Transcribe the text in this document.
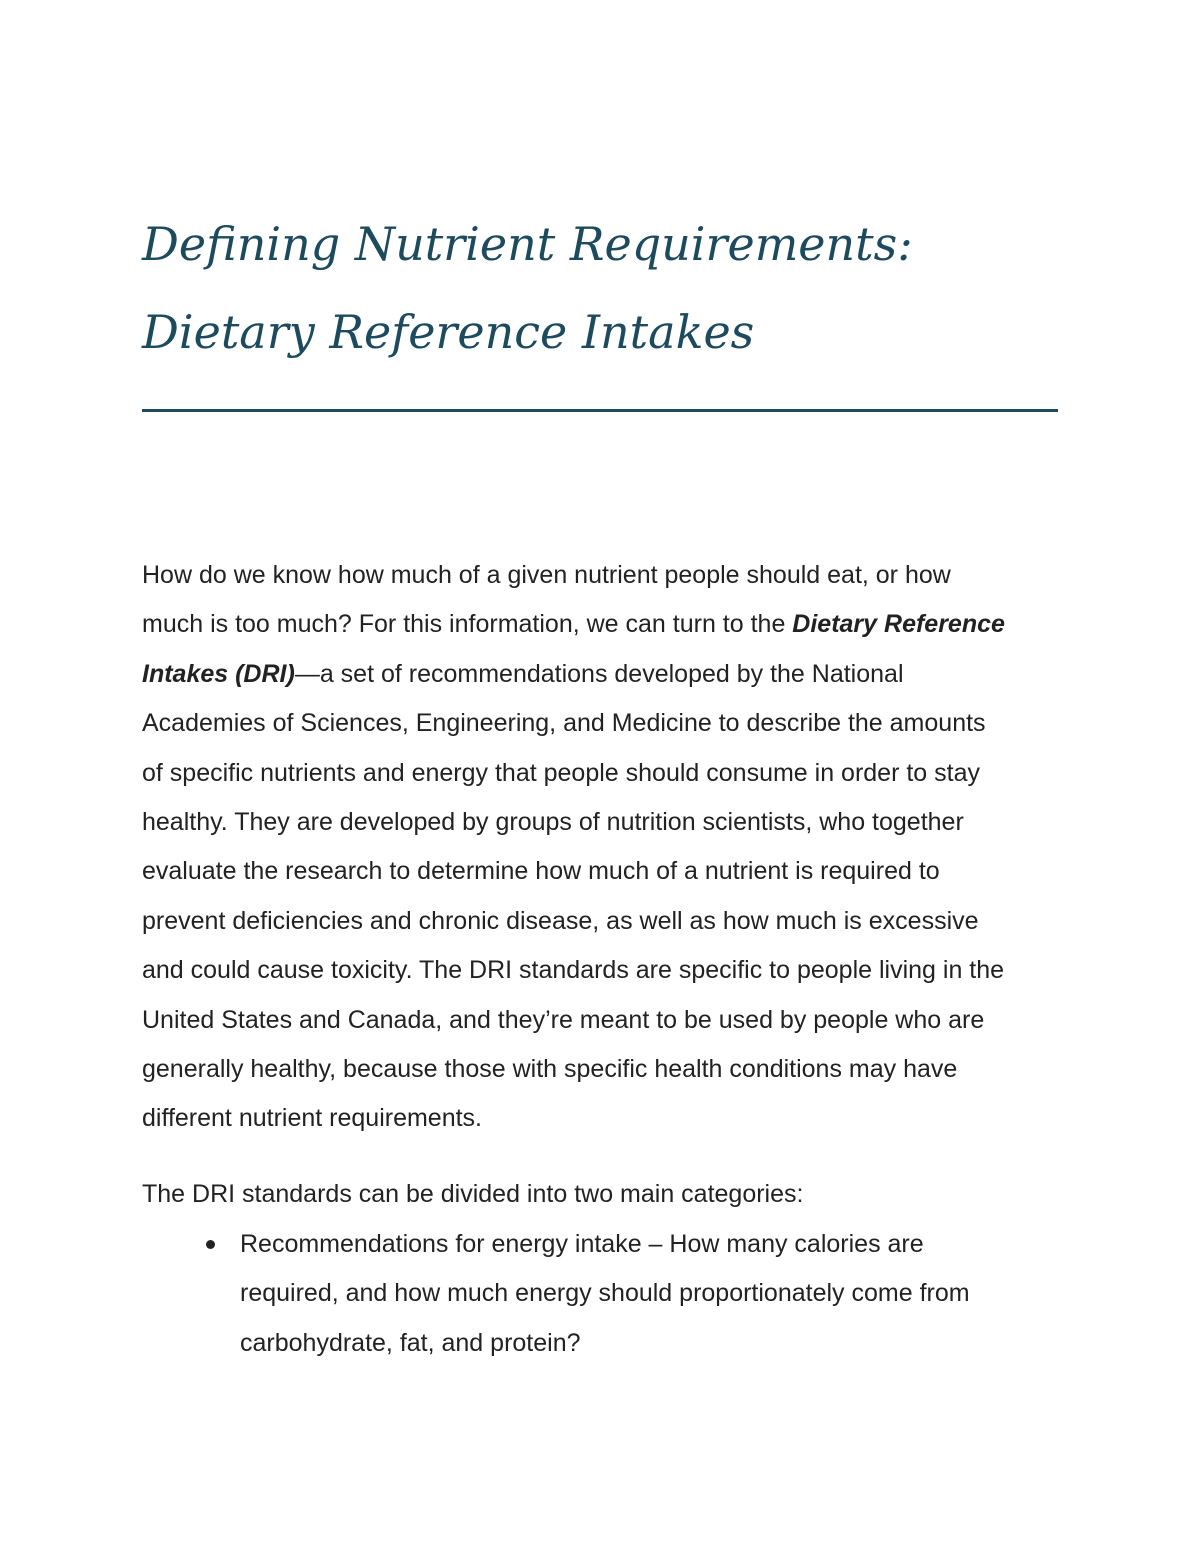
Defining Nutrient Requirements:
Dietary Reference Intakes

How do we know how much of a given nutrient people should eat, or how
much is too much? For this information, we can turn to the Dietary Reference
Intakes (DRI)—a set of recommendations developed by the National
Academies of Sciences, Engineering, and Medicine to describe the amounts
of specific nutrients and energy that people should consume in order to stay
healthy. They are developed by groups of nutrition scientists, who together
evaluate the research to determine how much of a nutrient is required to
prevent deficiencies and chronic disease, as well as how much is excessive
and could cause toxicity. The DRI standards are specific to people living in the
United States and Canada, and they’re meant to be used by people who are
generally healthy, because those with specific health conditions may have
different nutrient requirements.

The DRI standards can be divided into two main categories:

Recommendations for energy intake – How many calories are
required, and how much energy should proportionately come from
carbohydrate, fat, and protein?
